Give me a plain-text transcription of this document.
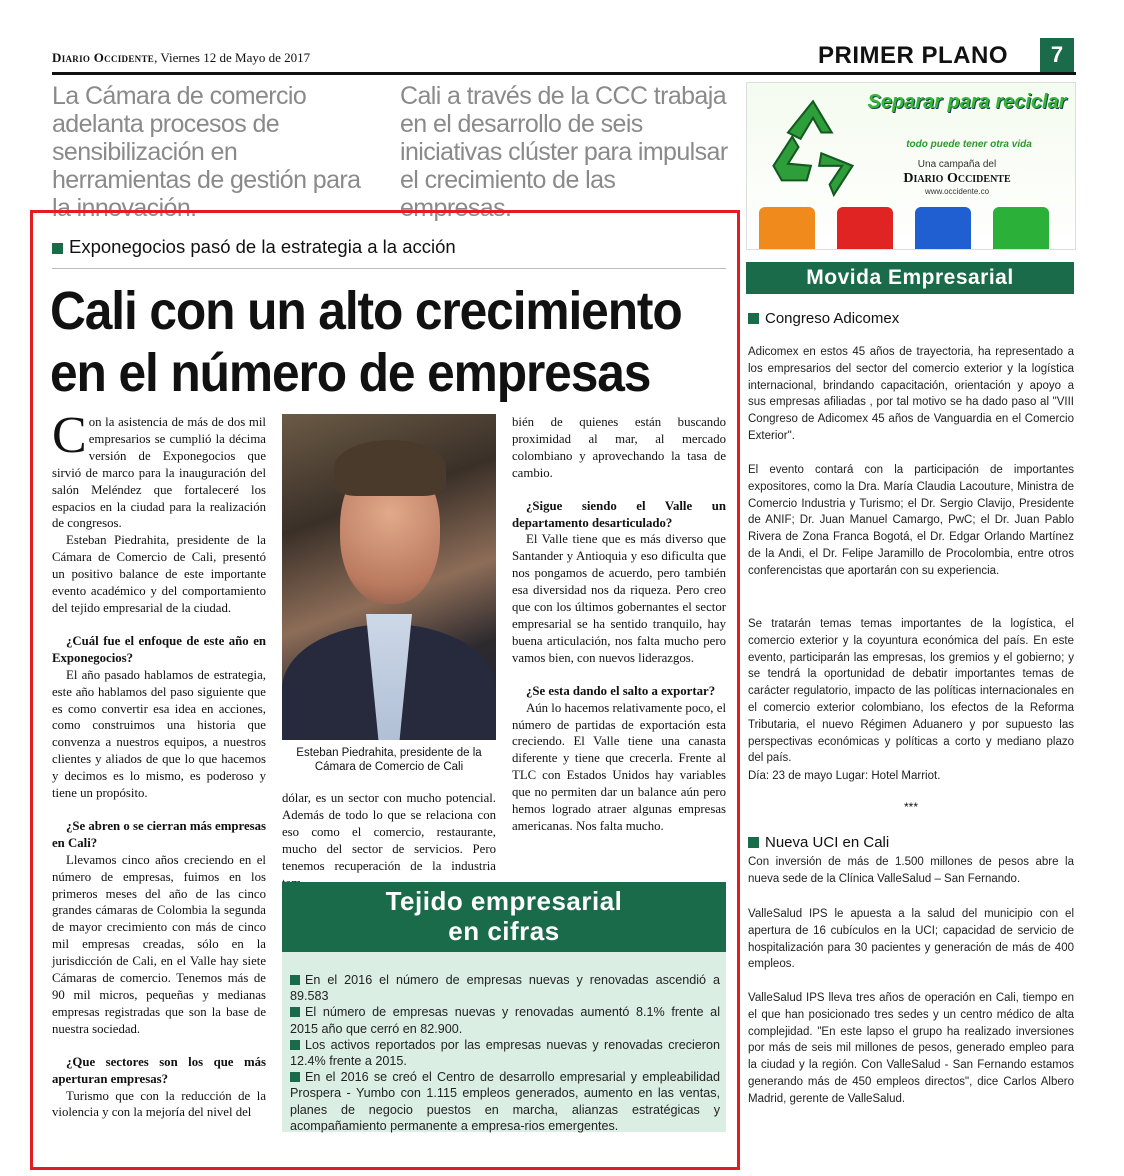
Diario Occidente, Viernes 12 de Mayo de 2017	PRIMER PLANO	7
La Cámara de comercio adelanta procesos de sensibilización en herramientas de gestión para la innovación.
Cali a través de la CCC trabaja en el desarrollo de seis iniciativas clúster para impulsar el crecimiento de las empresas.
Separar para reciclar
todo puede tener otra vida
Una campaña del
Diario Occidente
www.occidente.co
Movida Empresarial
Congreso Adicomex
Adicomex en estos 45 años de trayectoria, ha representado a los empresarios del sector del comercio exterior y la logística internacional, brindando capacitación, orientación y apoyo a sus empresas afiliadas , por tal motivo se ha dado paso al "VIII Congreso de Adicomex 45 años de Vanguardia en el Comercio Exterior".
El evento contará con la participación de importantes expositores, como la Dra. María Claudia Lacouture, Ministra de Comercio Industria y Turismo; el Dr. Sergio Clavijo, Presidente de ANIF; Dr. Juan Manuel Camargo, PwC; el Dr. Juan Pablo Rivera de Zona Franca Bogotá, el Dr. Edgar Orlando Martínez de la Andi, el Dr. Felipe Jaramillo de Procolombia, entre otros conferencistas que aportarán con su experiencia.
Se tratarán temas temas importantes de la logística, el comercio exterior y la coyuntura económica del país. En este evento, participarán las empresas, los gremios y el gobierno; y se tendrá la oportunidad de debatir importantes temas de carácter regulatorio, impacto de las políticas internacionales en el comercio exterior colombiano, los efectos de la Reforma Tributaria, el nuevo Régimen Aduanero y por supuesto las perspectivas económicas y políticas a corto y mediano plazo del país.
Día: 23 de mayo Lugar: Hotel Marriot.
***
Nueva UCI en Cali
Con inversión de más de 1.500 millones de pesos abre la nueva sede de la Clínica ValleSalud – San Fernando.
ValleSalud IPS le apuesta a la salud del municipio con el apertura de 16 cubículos en la UCI; capacidad de servicio de hospitalización para 30 pacientes y generación de más de 400 empleos.
ValleSalud IPS lleva tres años de operación en Cali, tiempo en el que han posicionado tres sedes y un centro médico de alta complejidad. "En este lapso el grupo ha realizado inversiones por más de seis mil millones de pesos, generado empleo para la ciudad y la región. Con ValleSalud - San Fernando estamos generando más de 450 empleos directos", dice Carlos Albero Madrid, gerente de ValleSalud.
Exponegocios pasó de la estrategia a la acción
Cali con un alto crecimiento
en el número de empresas

Con la asistencia de más de dos mil empresarios se cumplió la décima versión de Exponegocios que sirvió de marco para la inauguración del salón Meléndez que fortaleceré los espacios en la ciudad para la realización de congresos.

Esteban Piedrahita, presidente de la Cámara de Comercio de Cali, presentó un positivo balance de este importante evento académico y del comportamiento del tejido empresarial de la ciudad.

¿Cuál fue el enfoque de este año en Exponegocios?

El año pasado hablamos de estrategia, este año hablamos del paso siguiente que es como convertir esa idea en acciones, como construimos una historia que convenza a nuestros equipos, a nuestros clientes y aliados de que lo que hacemos y decimos es lo mismo, es poderoso y tiene un propósito.

¿Se abren o se cierran más empresas en Cali?

Llevamos cinco años creciendo en el número de empresas, fuimos en los primeros meses del año de las cinco grandes cámaras de Colombia la segunda de mayor crecimiento con más de cinco mil empresas creadas, sólo en la jurisdicción de Cali, en el Valle hay siete Cámaras de comercio. Tenemos más de 90 mil micros, pequeñas y medianas empresas registradas que son la base de nuestra sociedad.

¿Que sectores son los que más aperturan empresas?

Turismo que con la reducción de la violencia y con la mejoría del nivel del

Esteban Piedrahita, presidente de la Cámara de Comercio de Cali

bién de quienes están buscando proximidad al mar, al mercado colombiano y aprovechando la tasa de cambio.

¿Sigue siendo el Valle un departamento desarticulado?

El Valle tiene que es más diverso que Santander y Antioquia y eso dificulta que nos pongamos de acuerdo, pero también esa diversidad nos da riqueza. Pero creo que con los últimos gobernantes el sector empresarial se ha sentido tranquilo, hay buena articulación, nos falta mucho pero vamos bien, con nuevos liderazgos.

¿Se esta dando el salto a exportar?

Aún lo hacemos relativamente poco, el número de partidas de exportación esta creciendo. El Valle tiene una canasta diferente y tiene que crecerla. Frente al TLC con Estados Unidos hay variables que no permiten dar un balance aún pero hemos logrado atraer algunas empresas americanas. Nos falta mucho.

dólar, es un sector con mucho potencial. Además de todo lo que se relaciona con eso como el comercio, restaurante, mucho del sector de servicios. Pero tenemos recuperación de la industria

Tejido empresarial
en cifras
En el 2016 el número de empresas nuevas y renovadas ascendió a 89.583
El número de empresas nuevas y renovadas aumentó 8.1% frente al 2015 año que cerró en 82.900.
Los activos reportados por las empresas nuevas y renovadas crecieron 12.4% frente a 2015.
En el 2016 se creó el Centro de desarrollo empresarial y empleabilidad Prospera - Yumbo con 1.115 empleos generados, aumento en las ventas, planes de negocio puestos en marcha, alianzas estratégicas y acompañamiento permanente a empresa-rios emergentes.
